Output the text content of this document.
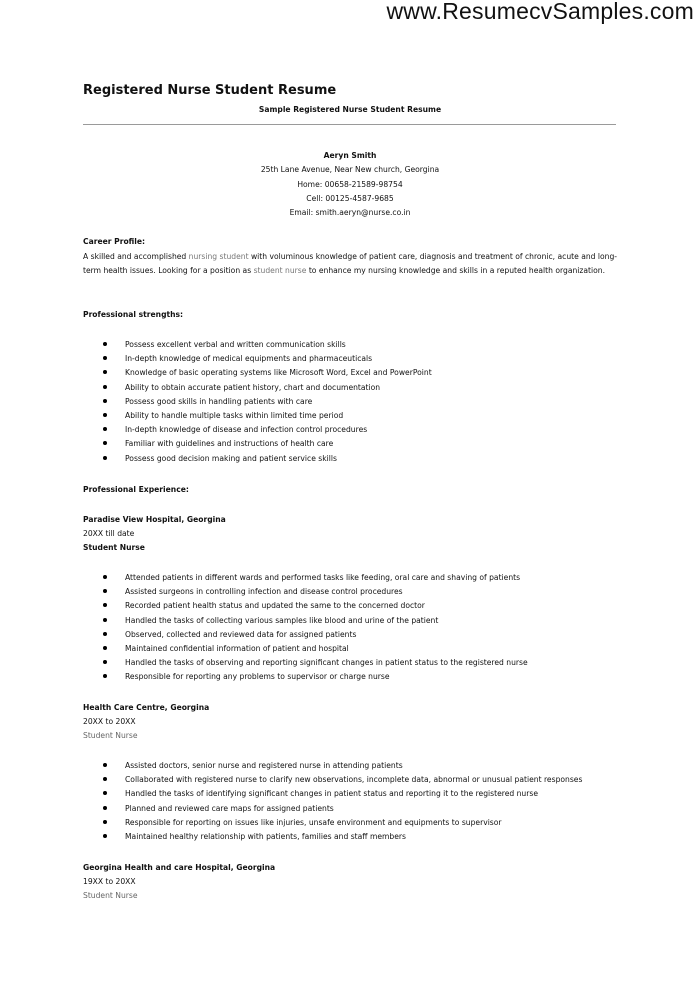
www.ResumecvSamples.com
Registered Nurse Student Resume
Sample Registered Nurse Student Resume
Aeryn Smith
25th Lane Avenue, Near New church, Georgina
Home: 00658-21589-98754
Cell: 00125-4587-9685
Email: smith.aeryn@nurse.co.in
Career Profile:
A skilled and accomplished nursing student with voluminous knowledge of patient care, diagnosis and treatment of chronic, acute and long-term health issues. Looking for a position as student nurse to enhance my nursing knowledge and skills in a reputed health organization.
Professional strengths:
Possess excellent verbal and written communication skills
In-depth knowledge of medical equipments and pharmaceuticals
Knowledge of basic operating systems like Microsoft Word, Excel and PowerPoint
Ability to obtain accurate patient history, chart and documentation
Possess good skills in handling patients with care
Ability to handle multiple tasks within limited time period
In-depth knowledge of disease and infection control procedures
Familiar with guidelines and instructions of health care
Possess good decision making and patient service skills
Professional Experience:
Paradise View Hospital, Georgina
20XX till date
Student Nurse
Attended patients in different wards and performed tasks like feeding, oral care and shaving of patients
Assisted surgeons in controlling infection and disease control procedures
Recorded patient health status and updated the same to the concerned doctor
Handled the tasks of collecting various samples like blood and urine of the patient
Observed, collected and reviewed data for assigned patients
Maintained confidential information of patient and hospital
Handled the tasks of observing and reporting significant changes in patient status to the registered nurse
Responsible for reporting any problems to supervisor or charge nurse
Health Care Centre, Georgina
20XX to 20XX
Student Nurse
Assisted doctors, senior nurse and registered nurse in attending patients
Collaborated with registered nurse to clarify new observations, incomplete data, abnormal or unusual patient responses
Handled the tasks of identifying significant changes in patient status and reporting it to the registered nurse
Planned and reviewed care maps for assigned patients
Responsible for reporting on issues like injuries, unsafe environment and equipments to supervisor
Maintained healthy relationship with patients, families and staff members
Georgina Health and care Hospital, Georgina
19XX to 20XX
Student Nurse
